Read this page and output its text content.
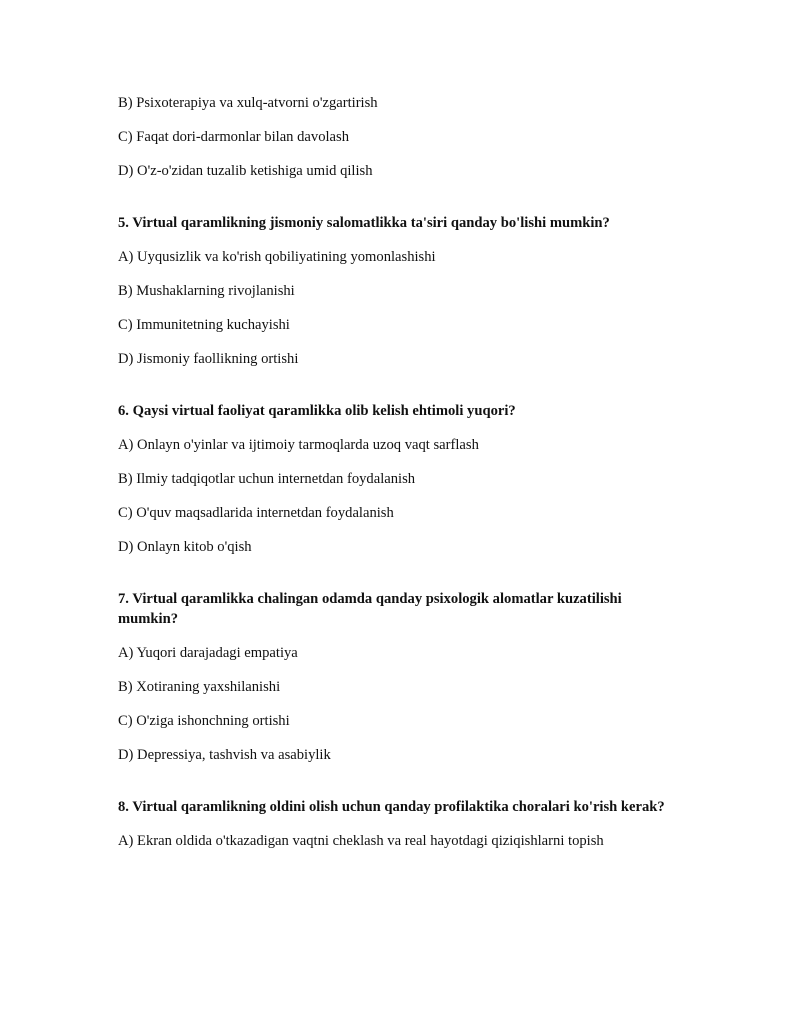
B) Psixoterapiya va xulq-atvorni o'zgartirish

C) Faqat dori-darmonlar bilan davolash

D) O'z-o'zidan tuzalib ketishiga umid qilish

5. Virtual qaramlikning jismoniy salomatlikka ta'siri qanday bo'lishi mumkin?

A) Uyqusizlik va ko'rish qobiliyatining yomonlashishi

B) Mushaklarning rivojlanishi

C) Immunitetning kuchayishi

D) Jismoniy faollikning ortishi

6. Qaysi virtual faoliyat qaramlikka olib kelish ehtimoli yuqori?

A) Onlayn o'yinlar va ijtimoiy tarmoqlarda uzoq vaqt sarflash

B) Ilmiy tadqiqotlar uchun internetdan foydalanish

C) O'quv maqsadlarida internetdan foydalanish

D) Onlayn kitob o'qish

7. Virtual qaramlikka chalingan odamda qanday psixologik alomatlar kuzatilishi mumkin?

A) Yuqori darajadagi empatiya

B) Xotiraning yaxshilanishi

C) O'ziga ishonchning ortishi

D) Depressiya, tashvish va asabiylik

8. Virtual qaramlikning oldini olish uchun qanday profilaktika choralari ko'rish kerak?

A) Ekran oldida o'tkazadigan vaqtni cheklash va real hayotdagi qiziqishlarni topish
